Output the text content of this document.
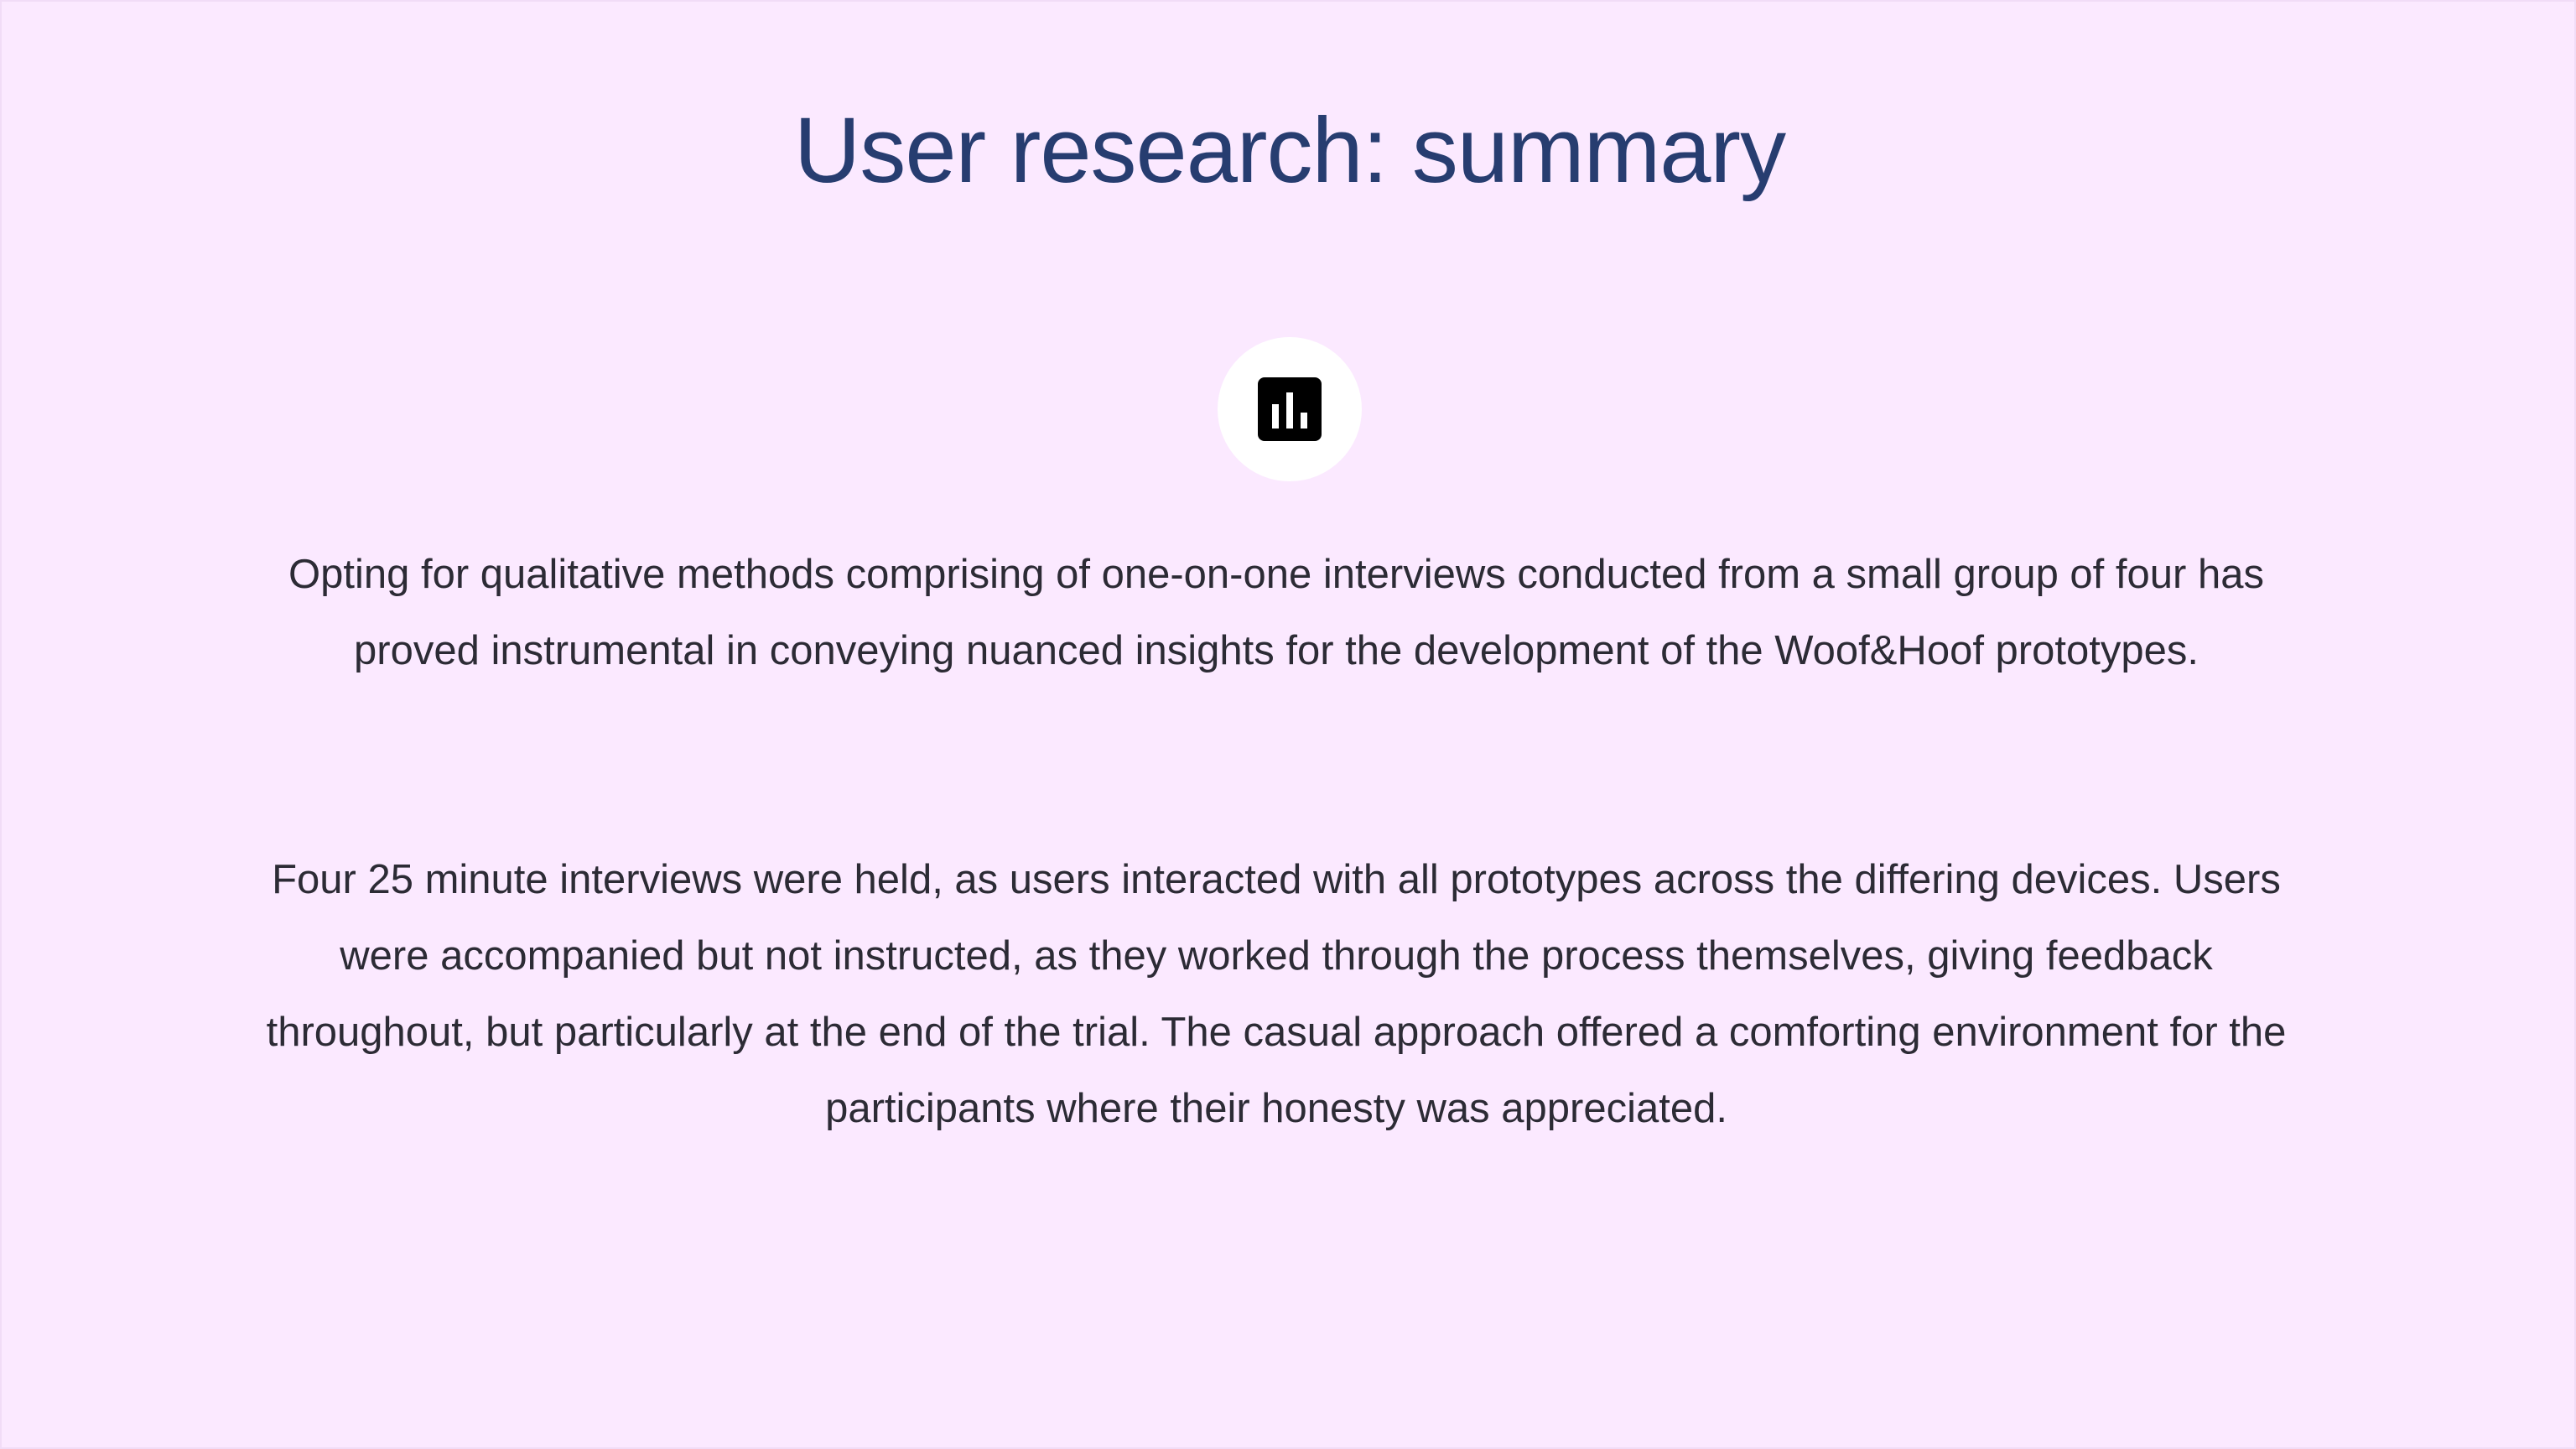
User research: summary

Opting for qualitative methods comprising of one-on-one interviews conducted from a small group of four has proved instrumental in conveying nuanced insights for the development of the Woof&Hoof prototypes.

Four 25 minute interviews were held, as users interacted with all prototypes across the differing devices. Users were accompanied but not instructed, as they worked through the process themselves, giving feedback throughout, but particularly at the end of the trial. The casual approach offered a comforting environment for the participants where their honesty was appreciated.
